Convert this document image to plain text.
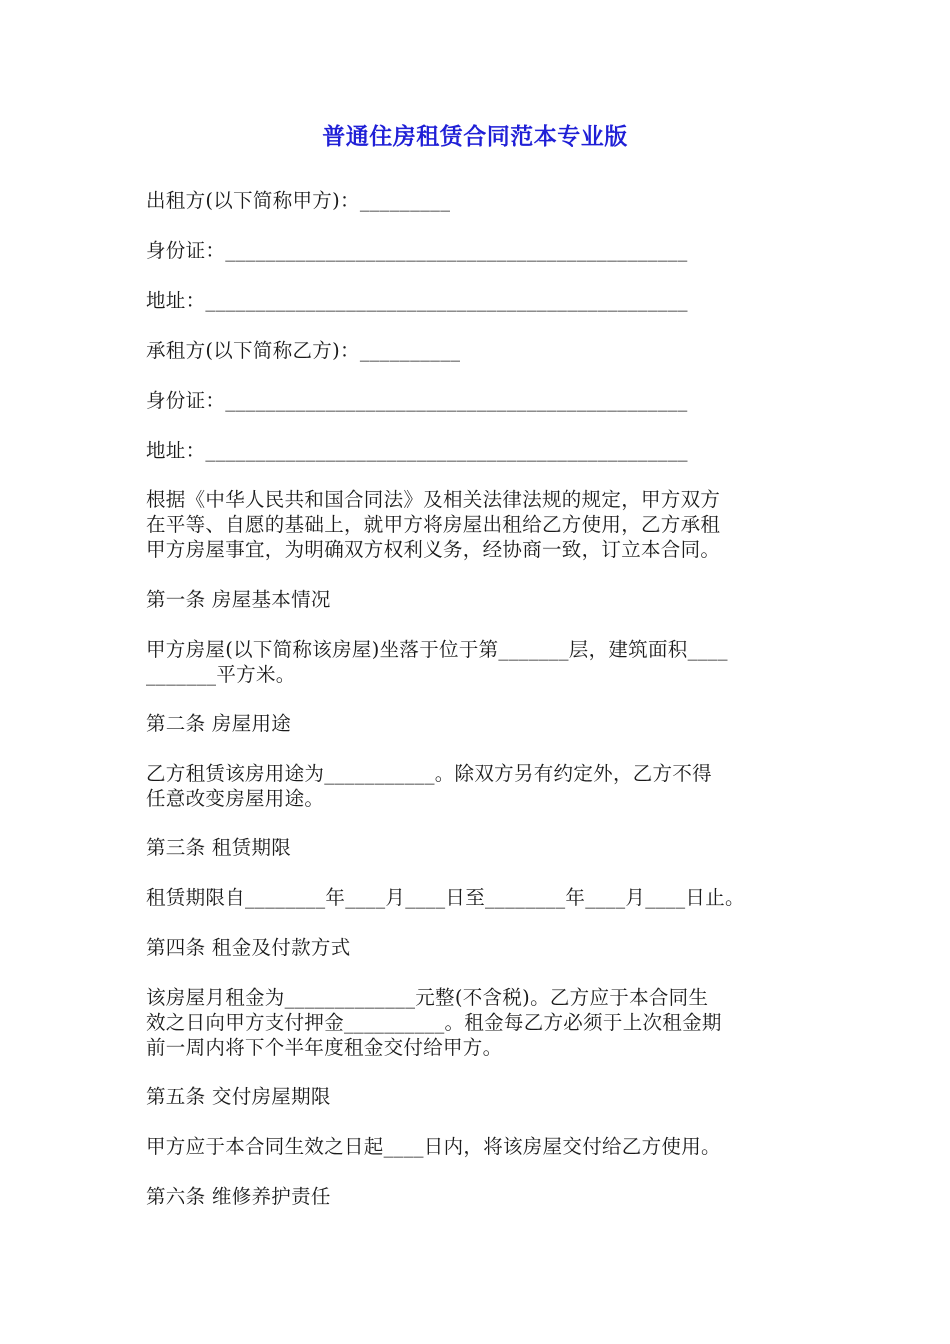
普通住房租赁合同范本专业版
出租方(以下简称甲方)：_________
身份证：______________________________________________
地址：________________________________________________
承租方(以下简称乙方)：__________
身份证：______________________________________________
地址：________________________________________________
根据《中华人民共和国合同法》及相关法律法规的规定，甲方双方
在平等、自愿的基础上，就甲方将房屋出租给乙方使用，乙方承租
甲方房屋事宜，为明确双方权利义务，经协商一致，订立本合同。
第一条 房屋基本情况
甲方房屋(以下简称该房屋)坐落于位于第_______层，建筑面积____
_______平方米。
第二条 房屋用途
乙方租赁该房用途为___________。除双方另有约定外，乙方不得
任意改变房屋用途。
第三条 租赁期限
租赁期限自________年____月____日至________年____月____日止。
第四条 租金及付款方式
该房屋月租金为_____________元整(不含税)。乙方应于本合同生
效之日向甲方支付押金__________。租金每乙方必须于上次租金期
前一周内将下个半年度租金交付给甲方。
第五条 交付房屋期限
甲方应于本合同生效之日起____日内，将该房屋交付给乙方使用。
第六条 维修养护责任
